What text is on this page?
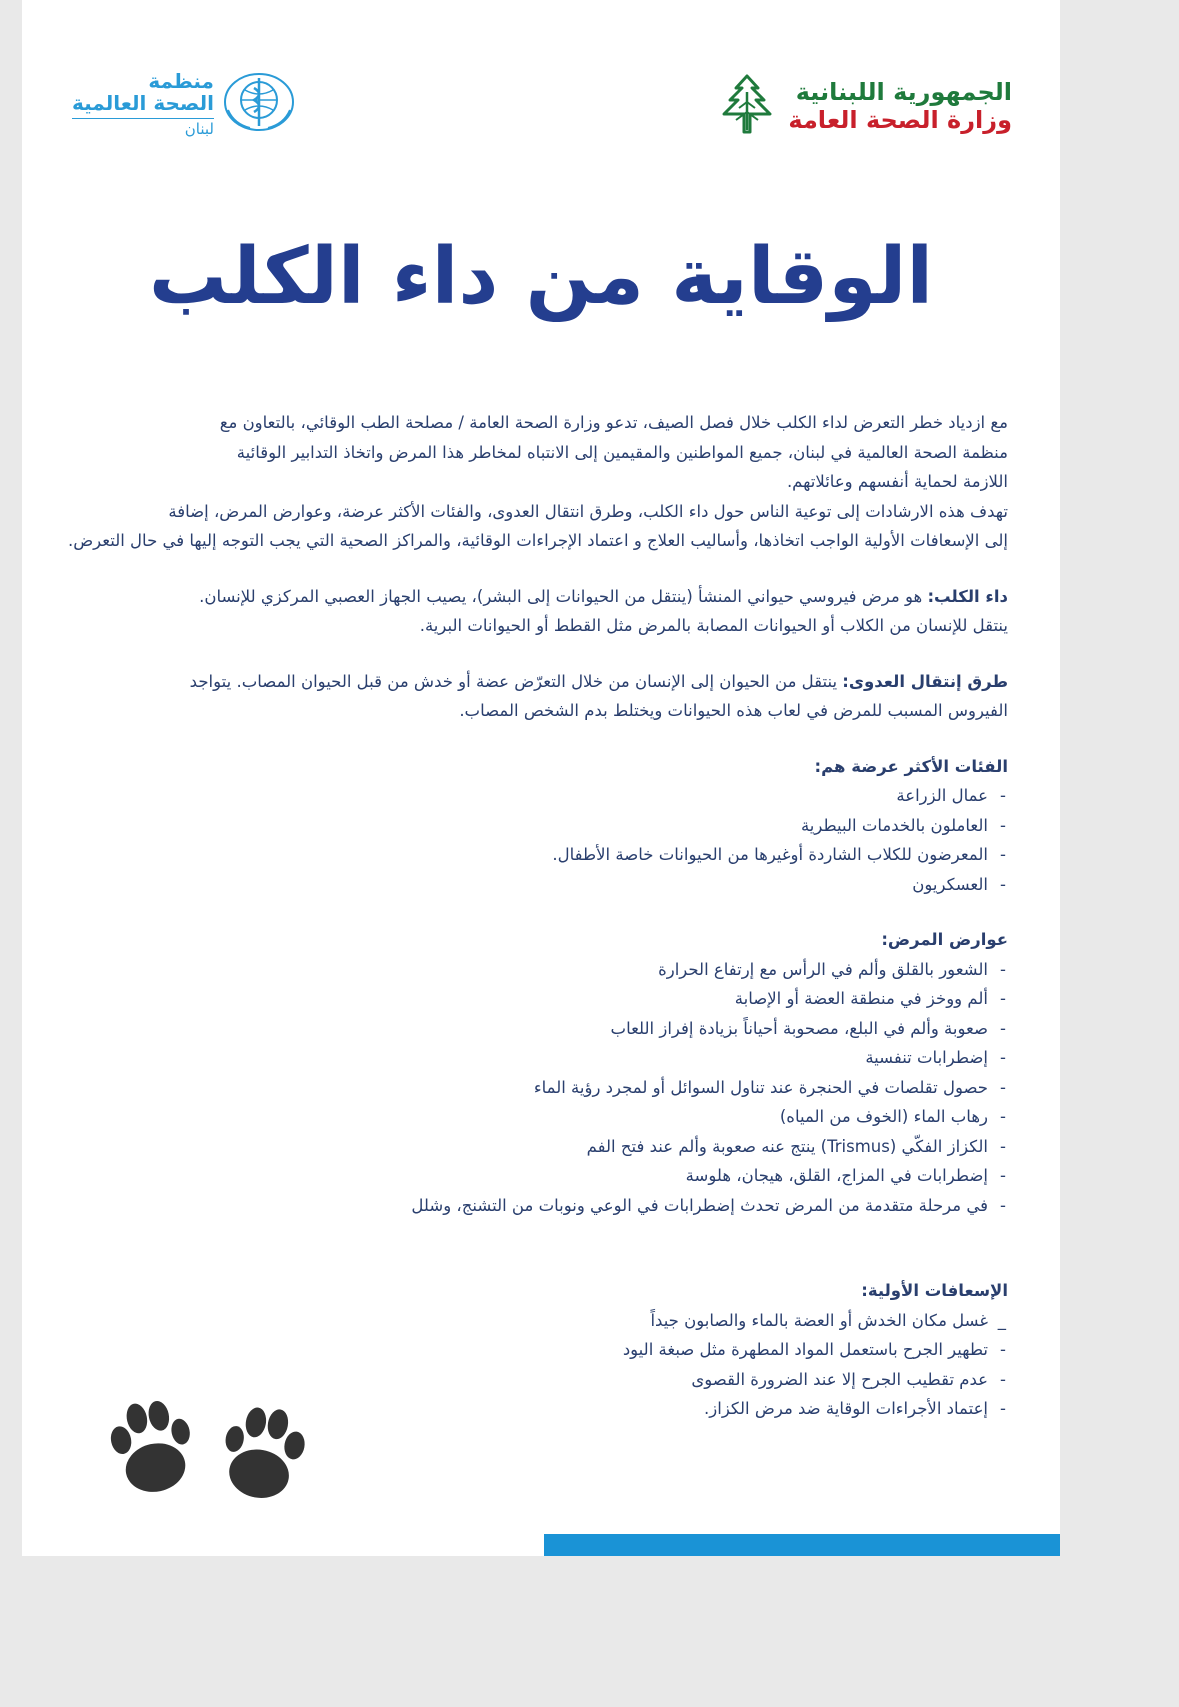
الجمهورية اللبنانية
وزارة الصحة العامة
منظمة
الصحة العالمية
لبنان
الوقاية من داء الكلب

مع ازدياد خطر التعرض لداء الكلب خلال فصل الصيف، تدعو وزارة الصحة العامة / مصلحة الطب الوقائي، بالتعاون مع

منظمة الصحة العالمية في لبنان، جميع المواطنين والمقيمين إلى الانتباه لمخاطر هذا المرض واتخاذ التدابير الوقائية

اللازمة لحماية أنفسهم وعائلاتهم.

تهدف هذه الارشادات إلى توعية الناس حول داء الكلب، وطرق انتقال العدوى، والفئات الأكثر عرضة، وعوارض المرض، إضافة

إلى الإسعافات الأولية الواجب اتخاذها، وأساليب العلاج و اعتماد الإجراءات الوقائية، والمراكز الصحية التي يجب التوجه إليها في حال التعرض.

داء الكلب: هو مرض فيروسي حيواني المنشأ (ينتقل من الحيوانات إلى البشر)، يصيب الجهاز العصبي المركزي للإنسان.

ينتقل للإنسان من الكلاب أو الحيوانات المصابة بالمرض مثل القطط أو الحيوانات البرية.

طرق إنتقال العدوى: ينتقل من الحيوان إلى الإنسان من خلال التعرّض عضة أو خدش من قبل الحيوان المصاب. يتواجد

الفيروس المسبب للمرض في لعاب هذه الحيوانات ويختلط بدم الشخص المصاب.

الفئات الأكثر عرضة هم:

- عمال الزراعة
- العاملون بالخدمات البيطرية
- المعرضون للكلاب الشاردة أوغيرها من الحيوانات خاصة الأطفال.
- العسكريون

عوارض المرض:

- الشعور بالقلق وألم في الرأس مع إرتفاع الحرارة
- ألم ووخز في منطقة العضة أو الإصابة
- صعوبة وألم في البلع، مصحوبة أحياناً بزيادة إفراز اللعاب
- إضطرابات تنفسية
- حصول تقلصات في الحنجرة عند تناول السوائل أو لمجرد رؤية الماء
- رهاب الماء (الخوف من المياه)
- الكزاز الفكّي (Trismus) ينتج عنه صعوبة وألم عند فتح الفم
- إضطرابات في المزاج، القلق، هيجان، هلوسة
- في مرحلة متقدمة من المرض تحدث إضطرابات في الوعي ونوبات من التشنج، وشلل

الإسعافات الأولية:

_ غسل مكان الخدش أو العضة بالماء والصابون جيداً
- تطهير الجرح باستعمل المواد المطهرة مثل صبغة اليود
- عدم تقطيب الجرح إلا عند الضرورة القصوى
- إعتماد الأجراءات الوقاية ضد مرض الكزاز.
